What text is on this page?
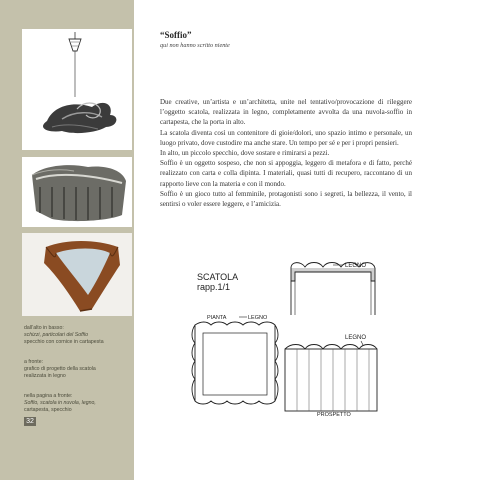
dall’alto in basso:
schizzi, particolari del Soffio
specchio con cornice in cartapesta
a fronte:
grafico di progetto della scatola
realizzata in legno
nella pagina a fronte:
Soffio, scatola in nuvola, legno,
cartapesta, specchio
32
“Soffio”
qui non hanno scritto niente

Due creative, un’artista e un’architetta, unite nel tentativo/provocazione di rileggere l’oggetto scatola, realizzata in legno, completamente avvolta da una nuvola-soffio in cartapesta, che la porta in alto.

La scatola diventa così un contenitore di gioie/dolori, uno spazio intimo e personale, un luogo privato, dove custodire ma anche stare. Un tempo per sé e per i propri pensieri.

In alto, un piccolo specchio, dove sostare e rimirarsi a pezzi.

Soffio è un oggetto sospeso, che non si appoggia, leggero di metafora e di fatto, perché realizzato con carta e colla dipinta. I materiali, quasi tutti di recupero, raccontano di un rapporto lieve con la materia e con il mondo.

Soffio è un gioco tutto al femminile, protagonisti sono i segreti, la bellezza, il vento, il sentirsi o voler essere leggere, e l’amicizia.

SCATOLA
rapp.1/1
LEGNO
PIANTA	LEGNO
LEGNO
PROSPETTO
